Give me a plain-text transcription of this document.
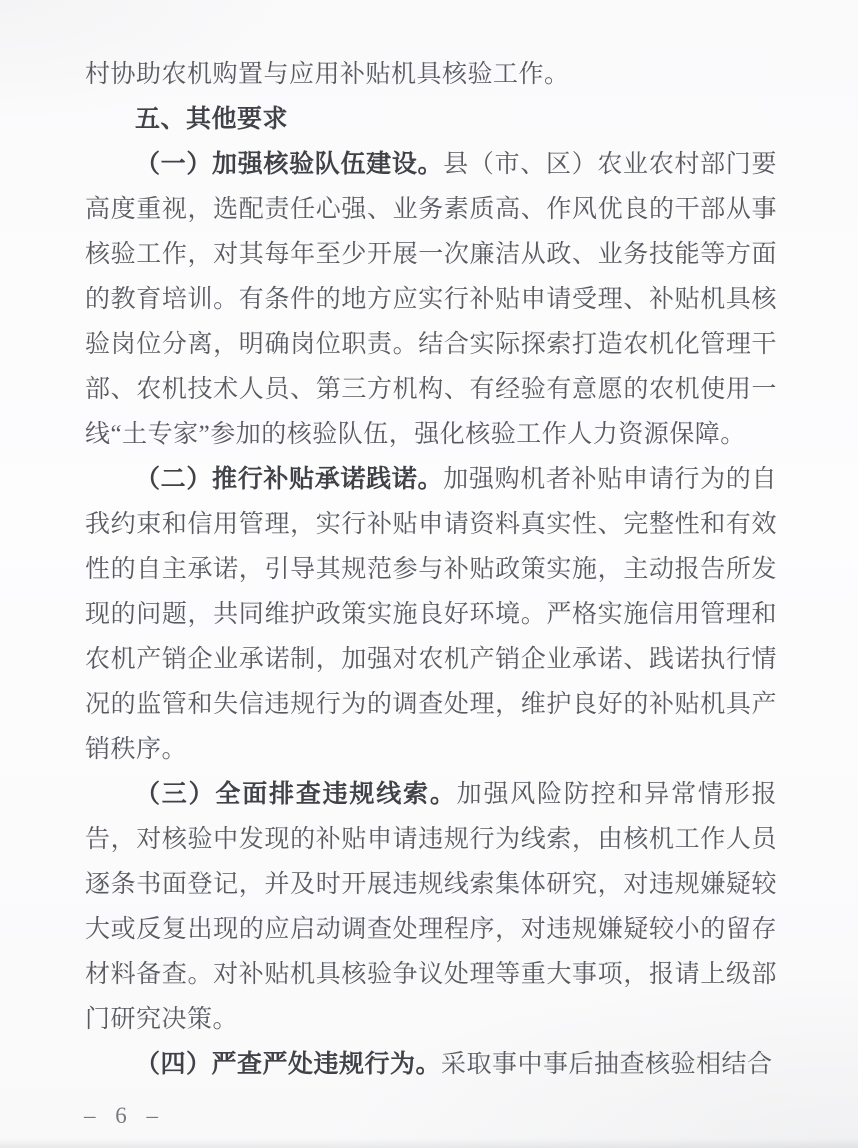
村协助农机购置与应用补贴机具核验工作。

五、其他要求

（一）加强核验队伍建设。县（市、区）农业农村部门要高度重视，选配责任心强、业务素质高、作风优良的干部从事核验工作，对其每年至少开展一次廉洁从政、业务技能等方面的教育培训。有条件的地方应实行补贴申请受理、补贴机具核验岗位分离，明确岗位职责。结合实际探索打造农机化管理干部、农机技术人员、第三方机构、有经验有意愿的农机使用一线“土专家”参加的核验队伍，强化核验工作人力资源保障。

（二）推行补贴承诺践诺。加强购机者补贴申请行为的自我约束和信用管理，实行补贴申请资料真实性、完整性和有效性的自主承诺，引导其规范参与补贴政策实施，主动报告所发现的问题，共同维护政策实施良好环境。严格实施信用管理和农机产销企业承诺制，加强对农机产销企业承诺、践诺执行情况的监管和失信违规行为的调查处理，维护良好的补贴机具产销秩序。

（三）全面排查违规线索。加强风险防控和异常情形报告，对核验中发现的补贴申请违规行为线索，由核机工作人员逐条书面登记，并及时开展违规线索集体研究，对违规嫌疑较大或反复出现的应启动调查处理程序，对违规嫌疑较小的留存材料备查。对补贴机具核验争议处理等重大事项，报请上级部门研究决策。

（四）严查严处违规行为。采取事中事后抽查核验相结合

– 6 –
